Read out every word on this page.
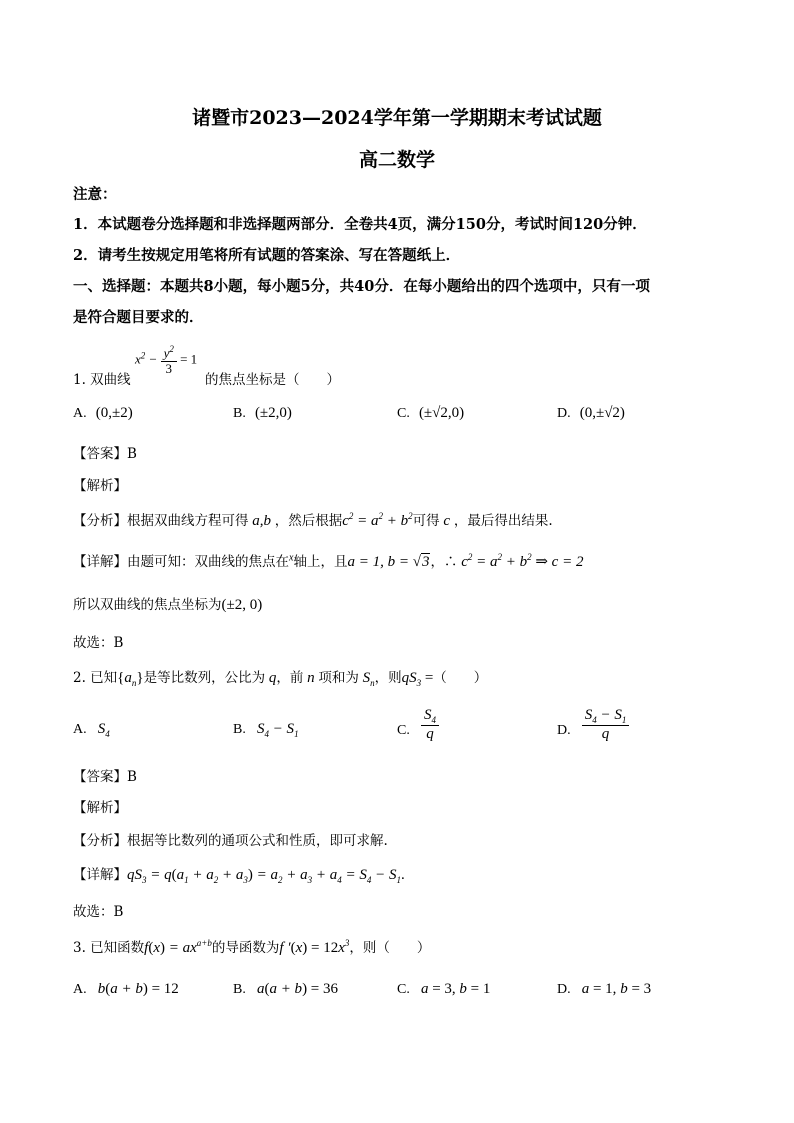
诸暨市2023—2024学年第一学期期末考试试题
高二数学
注意：
1．本试题卷分选择题和非选择题两部分．全卷共4页，满分150分，考试时间120分钟．
2．请考生按规定用笔将所有试题的答案涂、写在答题纸上．
一、选择题：本题共8小题，每小题5分，共40分．在每小题给出的四个选项中，只有一项
是符合题目要求的．
1. 双曲线
$x^2 - \frac{y^2}{3} = 1$
的焦点坐标是（　　）
A. (0,±2)	B. (±2,0)	C. (±√2,0)	D. (0,±√2)
【答案】B
【解析】
【分析】根据双曲线方程可得 a,b ，然后根据$c^2 = a^2 + b^2$可得 c ，最后得出结果.
【详解】由题可知：双曲线的焦点在$^x$轴上，且a = 1, b = √3，∴ $c^2 = a^2 + b^2$ ⇒ c = 2
所以双曲线的焦点坐标为(±2, 0)
故选：B
2. 已知$\{a_n\}$是等比数列，公比为 q，前 n 项和为 $S_n$，则$qS_3$ =（　　）
A. $S_4$	B. $S_4 - S_1$	C. $\frac{S_4}{q}$	D. $\frac{S_4 - S_1}{q}$
【答案】B
【解析】
【分析】根据等比数列的通项公式和性质，即可求解.
【详解】$qS_3 = q(a_1 + a_2 + a_3) = a_2 + a_3 + a_4 = S_4 - S_1$.
故选：B
3. 已知函数$f(x) = ax^{a+b}$的导函数为f $'(x) = 12x^3$，则（　　）
A. b(a + b) = 12	B. a(a + b) = 36	C. a = 3, b = 1	D. a = 1, b = 3
